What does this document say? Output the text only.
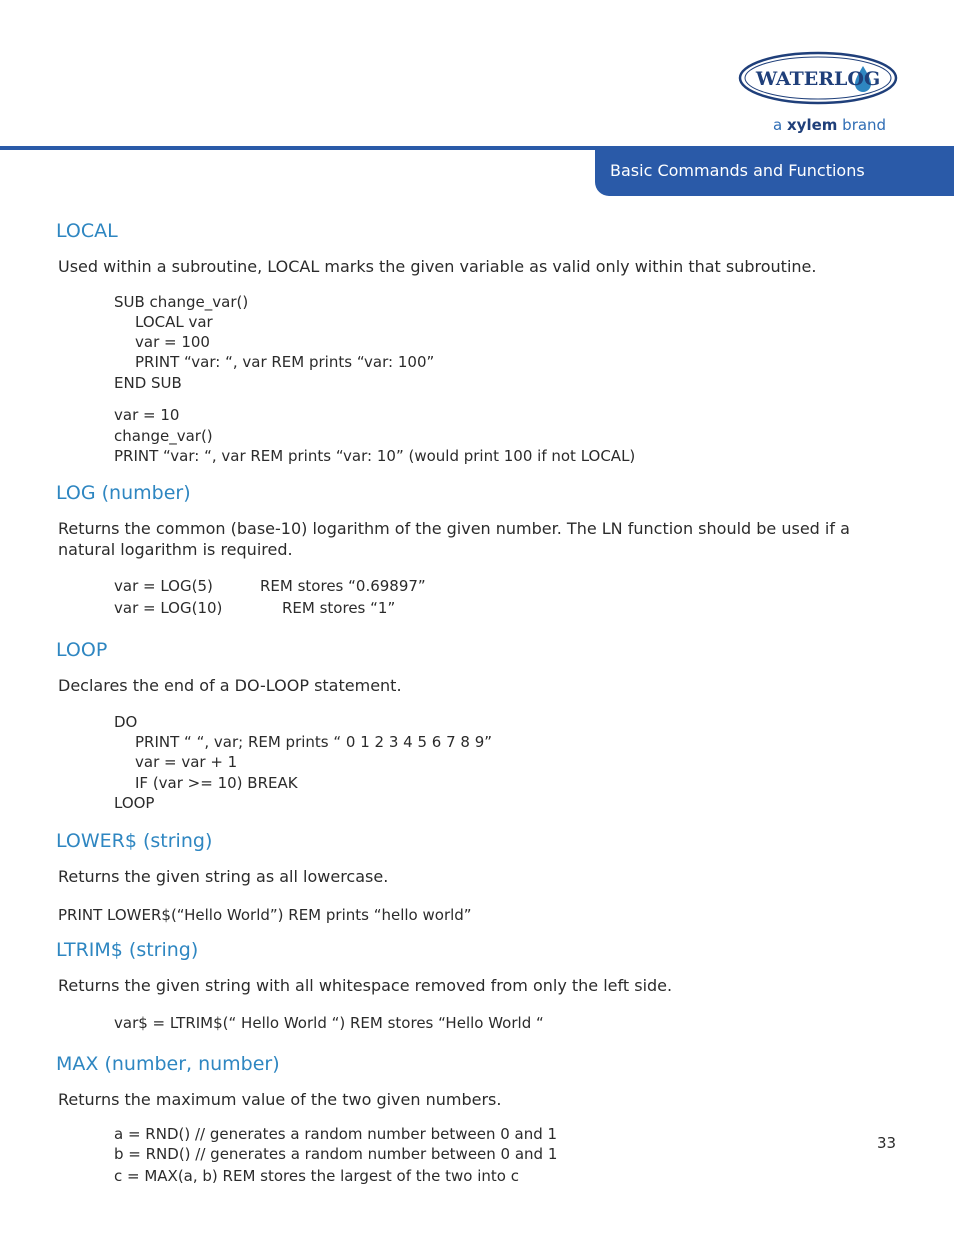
WATERLOG
a xylem brand
Basic Commands and Functions
LOCAL
Used within a subroutine, LOCAL marks the given variable as valid only within that subroutine.
SUB change_var()
LOCAL var
var = 100
PRINT “var: “, var REM prints “var: 100”
END SUB
var = 10
change_var()
PRINT “var: “, var REM prints “var: 10” (would print 100 if not LOCAL)
LOG (number)
Returns the common (base-10) logarithm of the given number. The LN function should be used if a natural logarithm is required.
var = LOG(5)	REM stores “0.69897”
var = LOG(10)	REM stores “1”
LOOP
Declares the end of a DO-LOOP statement.
DO
PRINT “ “, var; REM prints “ 0 1 2 3 4 5 6 7 8 9”
var = var + 1
IF (var >= 10) BREAK
LOOP
LOWER$ (string)
Returns the given string as all lowercase.
PRINT LOWER$(“Hello World”) REM prints “hello world”
LTRIM$ (string)
Returns the given string with all whitespace removed from only the left side.
var$ = LTRIM$(“ Hello World “) REM stores “Hello World “
MAX (number, number)
Returns the maximum value of the two given numbers.
a = RND() // generates a random number between 0 and 1
b = RND() // generates a random number between 0 and 1
c = MAX(a, b) REM stores the largest of the two into c
33
